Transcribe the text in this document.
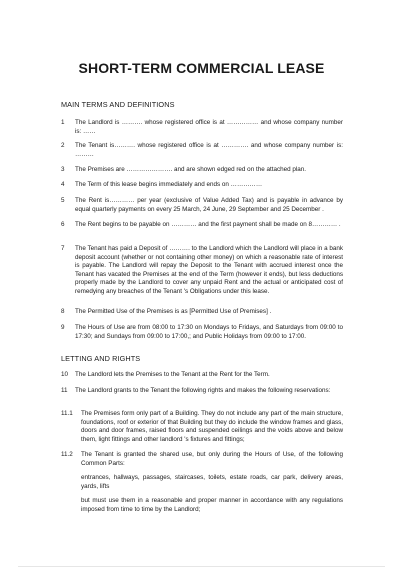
SHORT-TERM COMMERCIAL LEASE
MAIN TERMS AND DEFINITIONS
1 The Landlord is ………. whose registered office is at …………… and whose company number is: ……
2 The Tenant is………. whose registered office is at …………. and whose company number is: ………
3 The Premises are …………………. and are shown edged red on the attached plan.
4 The Term of this lease begins immediately and ends on ……………
5 The Rent is………… per year (exclusive of Value Added Tax) and is payable in advance by equal quarterly payments on every 25 March, 24 June, 29 September and 25 December .
6 The Rent begins to be payable on ………… and the first payment shall be made on 8………… .
7 The Tenant has paid a Deposit of ………. to the Landlord which the Landlord will place in a bank deposit account (whether or not containing other money) on which a reasonable rate of interest is payable. The Landlord will repay the Deposit to the Tenant with accrued interest once the Tenant has vacated the Premises at the end of the Term (however it ends), but less deductions properly made by the Landlord to cover any unpaid Rent and the actual or anticipated cost of remedying any breaches of the Tenant 's Obligations under this lease.
8 The Permitted Use of the Premises is as [Permitted Use of Premises] .
9 The Hours of Use are from 08:00 to 17:30 on Mondays to Fridays, and Saturdays from 09:00 to 17:30; and Sundays from 09:00 to 17:00,; and Public Holidays from 09:00 to 17:00.
LETTING AND RIGHTS
10 The Landlord lets the Premises to the Tenant at the Rent for the Term.
11 The Landlord grants to the Tenant the following rights and makes the following reservations:
11.1 The Premises form only part of a Building. They do not include any part of the main structure, foundations, roof or exterior of that Building but they do include the window frames and glass, doors and door frames, raised floors and suspended ceilings and the voids above and below them, light fittings and other landlord 's fixtures and fittings;
11.2 The Tenant is granted the shared use, but only during the Hours of Use, of the following Common Parts:
entrances, hallways, passages, staircases, toilets, estate roads, car park, delivery areas, yards, lifts
but must use them in a reasonable and proper manner in accordance with any regulations imposed from time to time by the Landlord;
